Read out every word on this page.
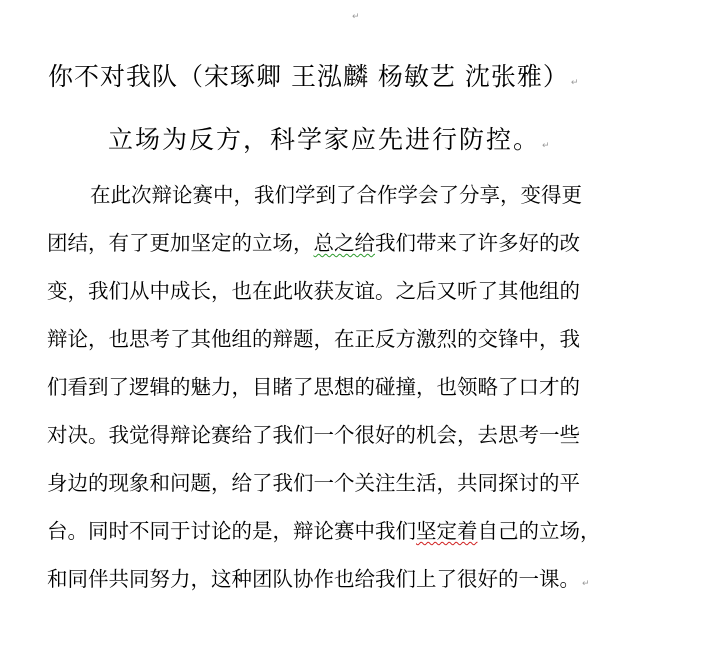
↵
你不对我队（宋琢卿 王泓麟 杨敏艺 沈张雅） ↵
立场为反方，科学家应先进行防控。 ↵
在此次辩论赛中，我们学到了合作学会了分享，变得更
团结，有了更加坚定的立场，总之给我们带来了许多好的改
变，我们从中成长，也在此收获友谊。之后又听了其他组的
辩论，也思考了其他组的辩题，在正反方激烈的交锋中，我
们看到了逻辑的魅力，目睹了思想的碰撞，也领略了口才的
对决。我觉得辩论赛给了我们一个很好的机会，去思考一些
身边的现象和问题，给了我们一个关注生活，共同探讨的平
台。同时不同于讨论的是，辩论赛中我们坚定着自己的立场，
和同伴共同努力，这种团队协作也给我们上了很好的一课。 ↵
